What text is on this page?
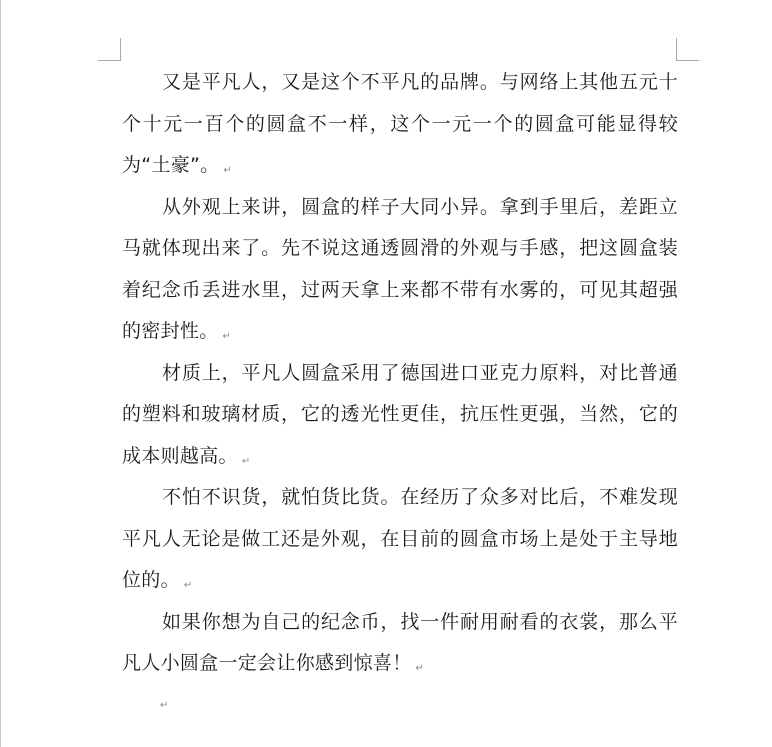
又是平凡人，又是这个不平凡的品牌。与网络上其他五元十个十元一百个的圆盒不一样，这个一元一个的圆盒可能显得较为“土豪”。 ↵

从外观上来讲，圆盒的样子大同小异。拿到手里后，差距立马就体现出来了。先不说这通透圆滑的外观与手感，把这圆盒装着纪念币丢进水里，过两天拿上来都不带有水雾的，可见其超强的密封性。 ↵

材质上，平凡人圆盒采用了德国进口亚克力原料，对比普通的塑料和玻璃材质，它的透光性更佳，抗压性更强，当然，它的成本则越高。 ↵

不怕不识货，就怕货比货。在经历了众多对比后，不难发现平凡人无论是做工还是外观，在目前的圆盒市场上是处于主导地位的。 ↵

如果你想为自己的纪念币，找一件耐用耐看的衣裳，那么平凡人小圆盒一定会让你感到惊喜！ ↵

↵
